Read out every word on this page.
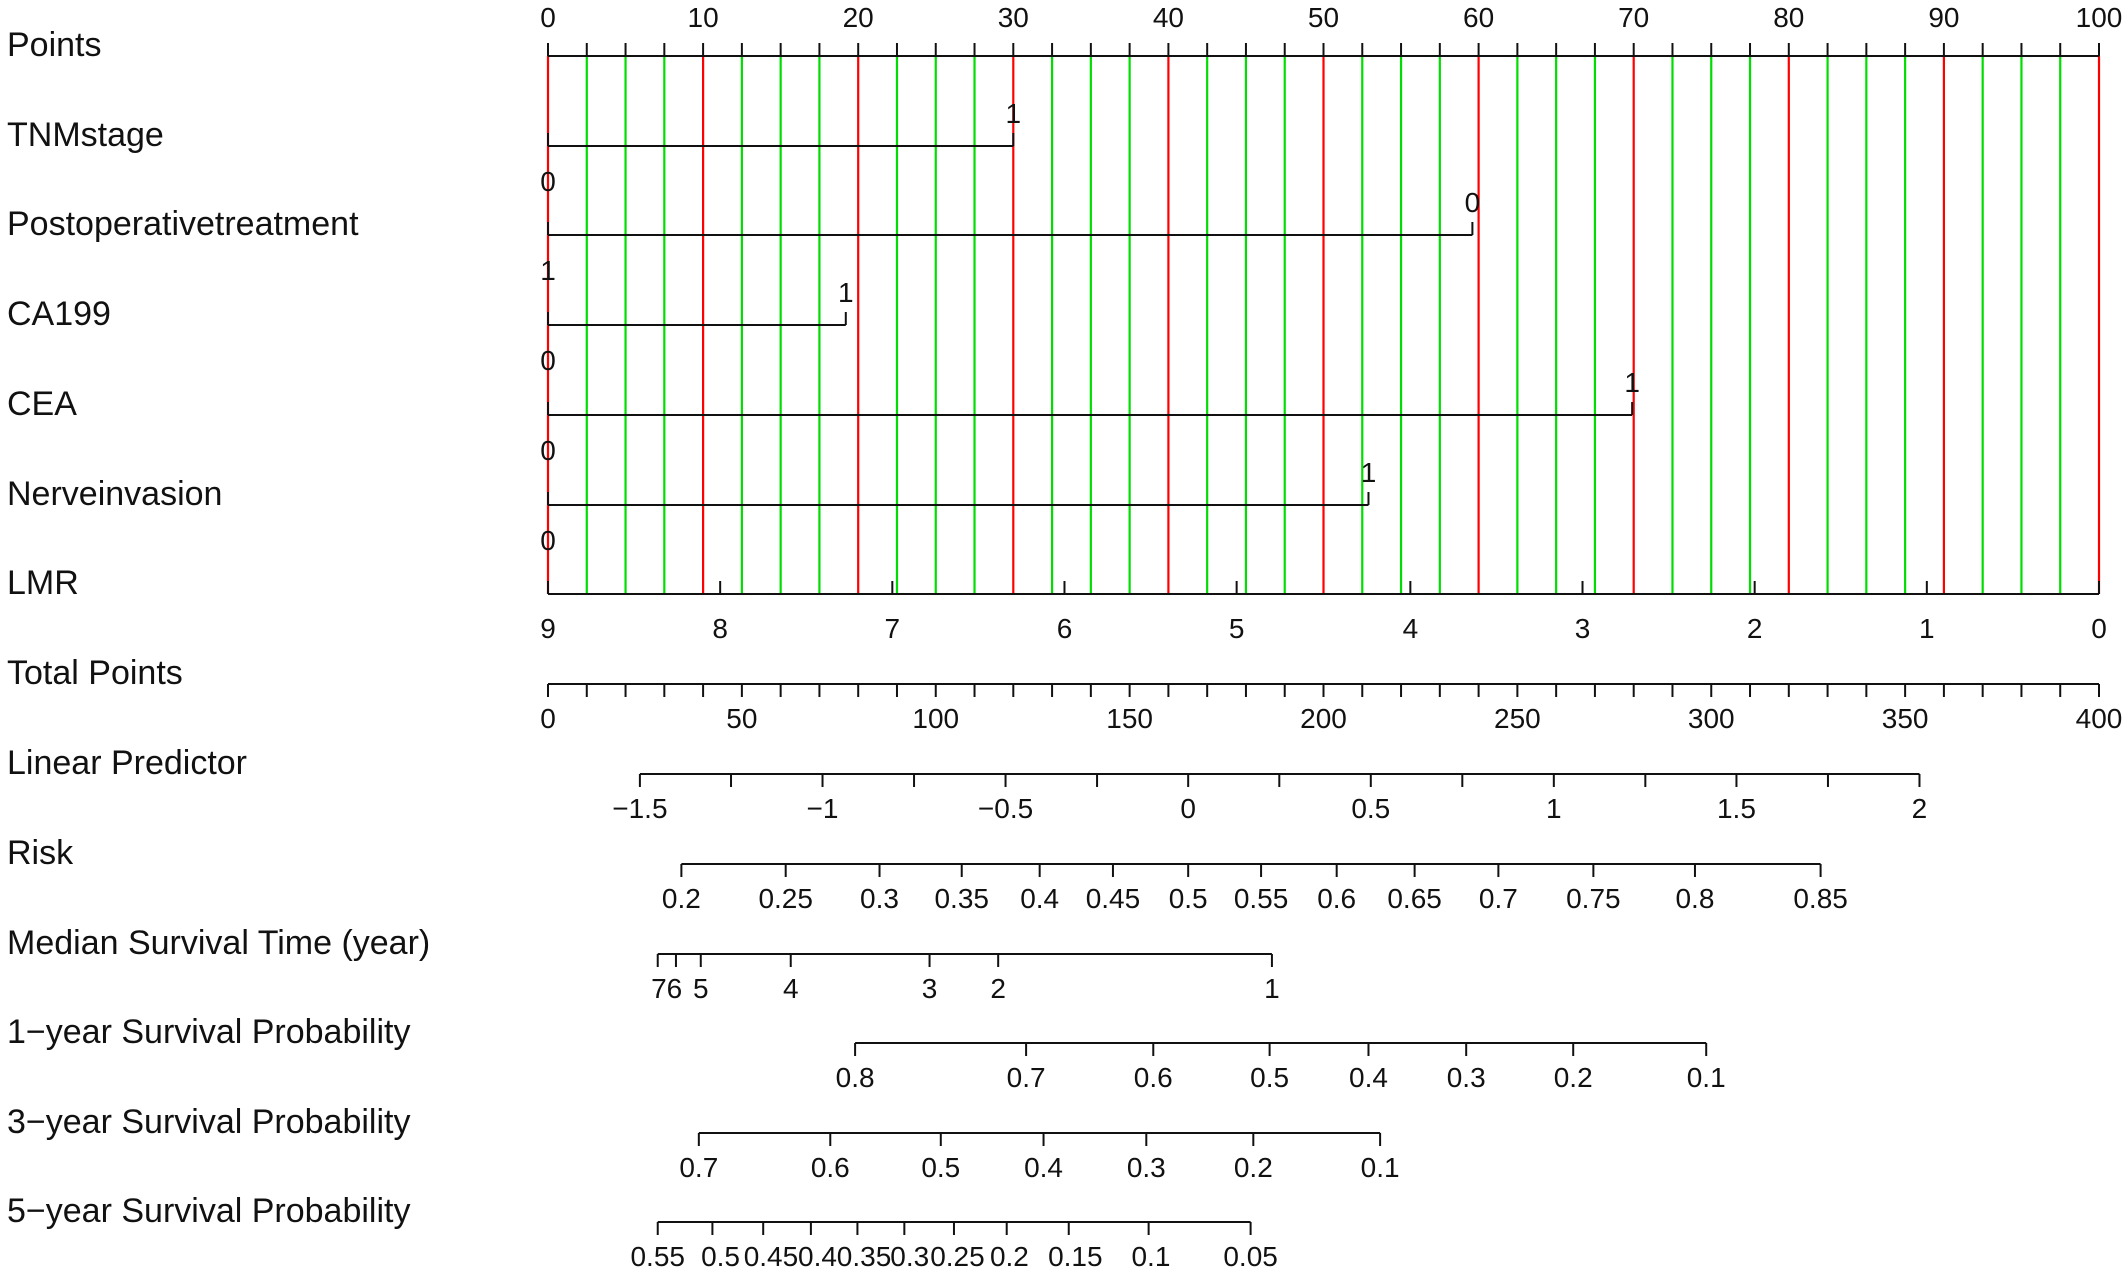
Points
0	10	20	30	40	50	60	70	80	90	100
TNMstage
0
1
Postoperativetreatment
1
0
CA199
0
1
CEA
0
1
Nerveinvasion
0
1
LMR
9	8	7	6	5	4	3	2	1	0
Total Points
0	50	100	150	200	250	300	350	400
Linear Predictor
−1.5	−1	−0.5	0	0.5	1	1.5	2
Risk
0.2 0.25 0.3 0.35 0.4 0.45 0.5 0.55 0.6 0.65 0.7 0.75 0.8	0.85
Median Survival Time (year)
76 5	4	3 2	1
1−year Survival Probability
0.8	0.7	0.6	0.5 0.4 0.3 0.2	0.1
3−year Survival Probability
0.7	0.6	0.5 0.4 0.3 0.2	0.1
5−year Survival Probability
0.55 0.5 0.45 0.4 0.35 0.3 0.25 0.2 0.15 0.1 0.05
